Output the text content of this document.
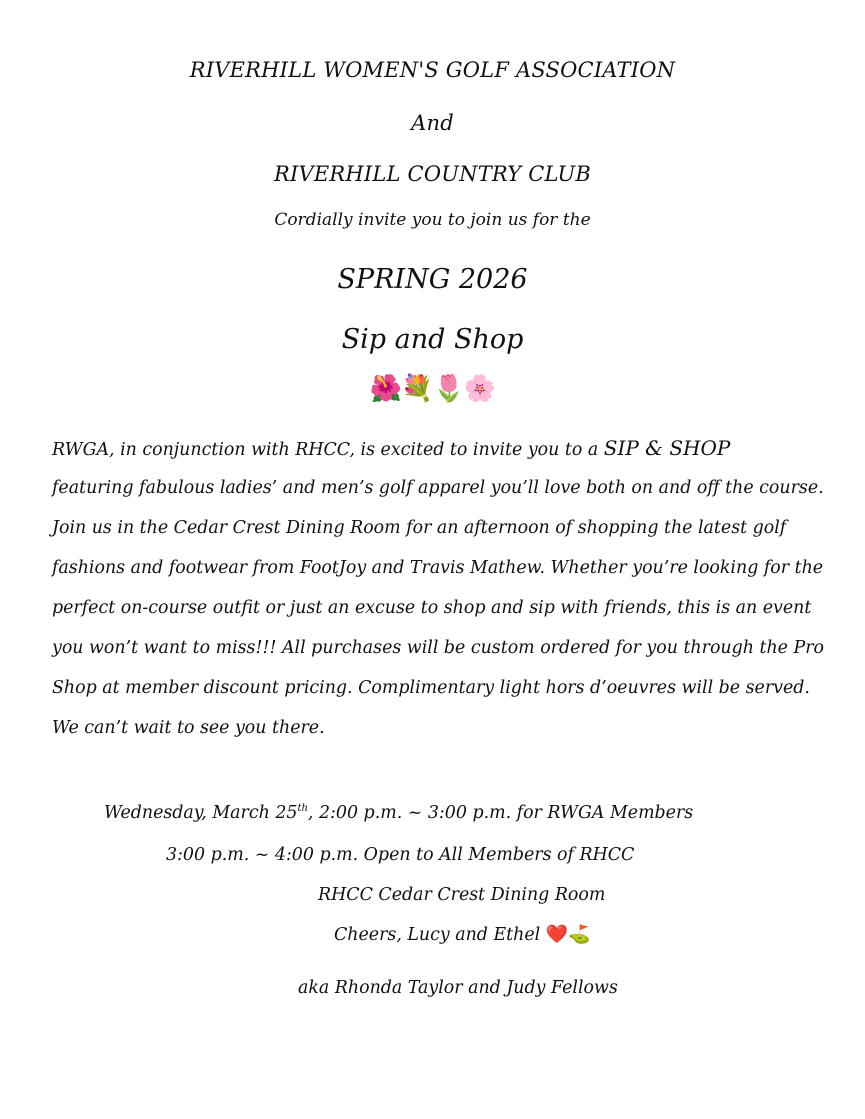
RIVERHILL WOMEN'S GOLF ASSOCIATION
And
RIVERHILL COUNTRY CLUB
Cordially invite you to join us for the
SPRING 2026
Sip and Shop
🌺💐🌷🌸
RWGA, in conjunction with RHCC, is excited to invite you to a SIP & SHOP
featuring fabulous ladies’ and men’s golf apparel you’ll love both on and off the course.
Join us in the Cedar Crest Dining Room for an afternoon of shopping the latest golf
fashions and footwear from FootJoy and Travis Mathew. Whether you’re looking for the
perfect on-course outfit or just an excuse to shop and sip with friends, this is an event
you won’t want to miss!!! All purchases will be custom ordered for you through the Pro
Shop at member discount pricing. Complimentary light hors d’oeuvres will be served.
We can’t wait to see you there.
Wednesday, March 25th, 2:00 p.m. ~ 3:00 p.m. for RWGA Members
3:00 p.m. ~ 4:00 p.m. Open to All Members of RHCC
RHCC Cedar Crest Dining Room
Cheers, Lucy and Ethel ❤️⛳
aka Rhonda Taylor and Judy Fellows
